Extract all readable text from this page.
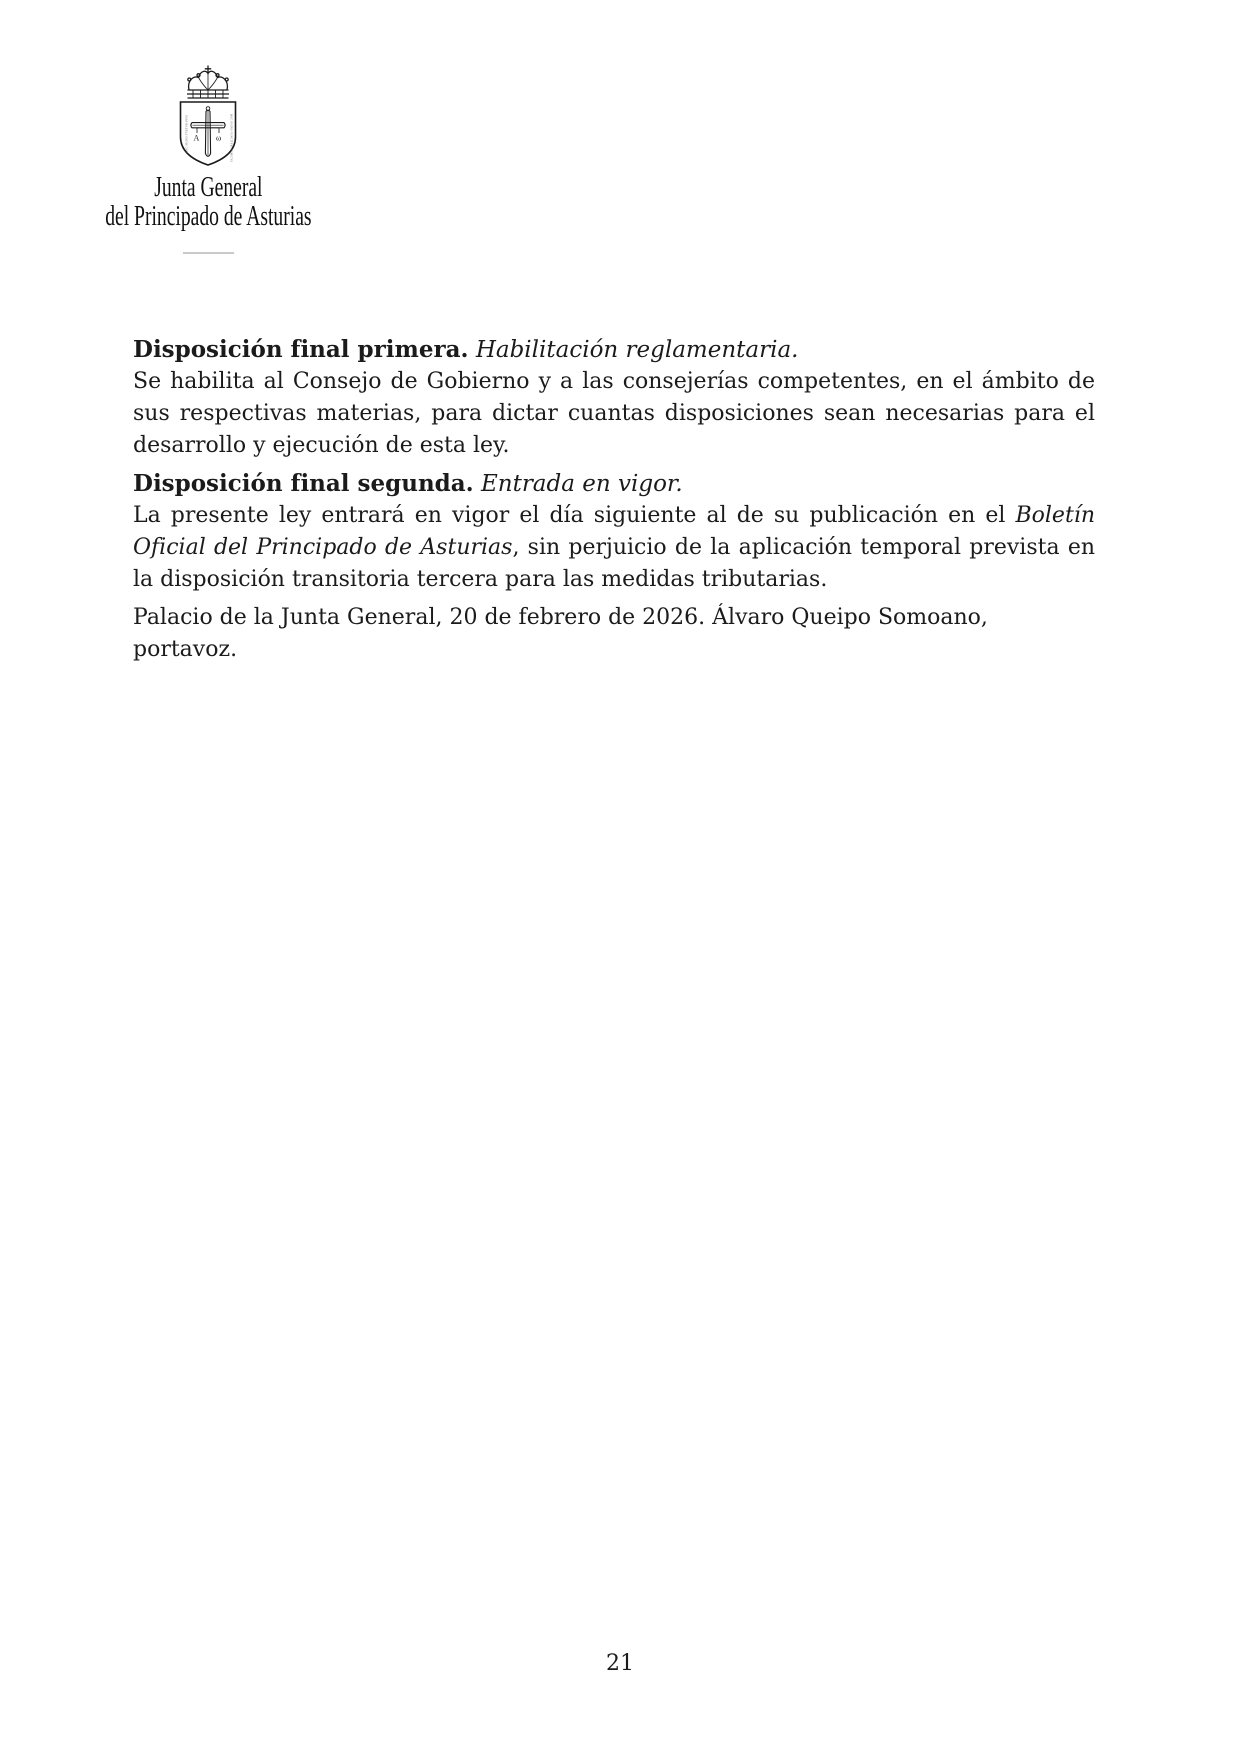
A ω
HOC·SIGNO·TVETVR·PIVS	HOC·SIGNO·VINCITVR·INIMICVS
Junta General
del Principado de Asturias

Disposición final primera. Habilitación reglamentaria.

Se habilita al Consejo de Gobierno y a las consejerías competentes, en el ámbito de sus respectivas materias, para dictar cuantas disposiciones sean necesarias para el desarrollo y ejecución de esta ley.

Disposición final segunda. Entrada en vigor.

La presente ley entrará en vigor el día siguiente al de su publicación en el Boletín Oficial del Principado de Asturias, sin perjuicio de la aplicación temporal prevista en la disposición transitoria tercera para las medidas tributarias.

Palacio de la Junta General, 20 de febrero de 2026. Álvaro Queipo Somoano, portavoz.

21
